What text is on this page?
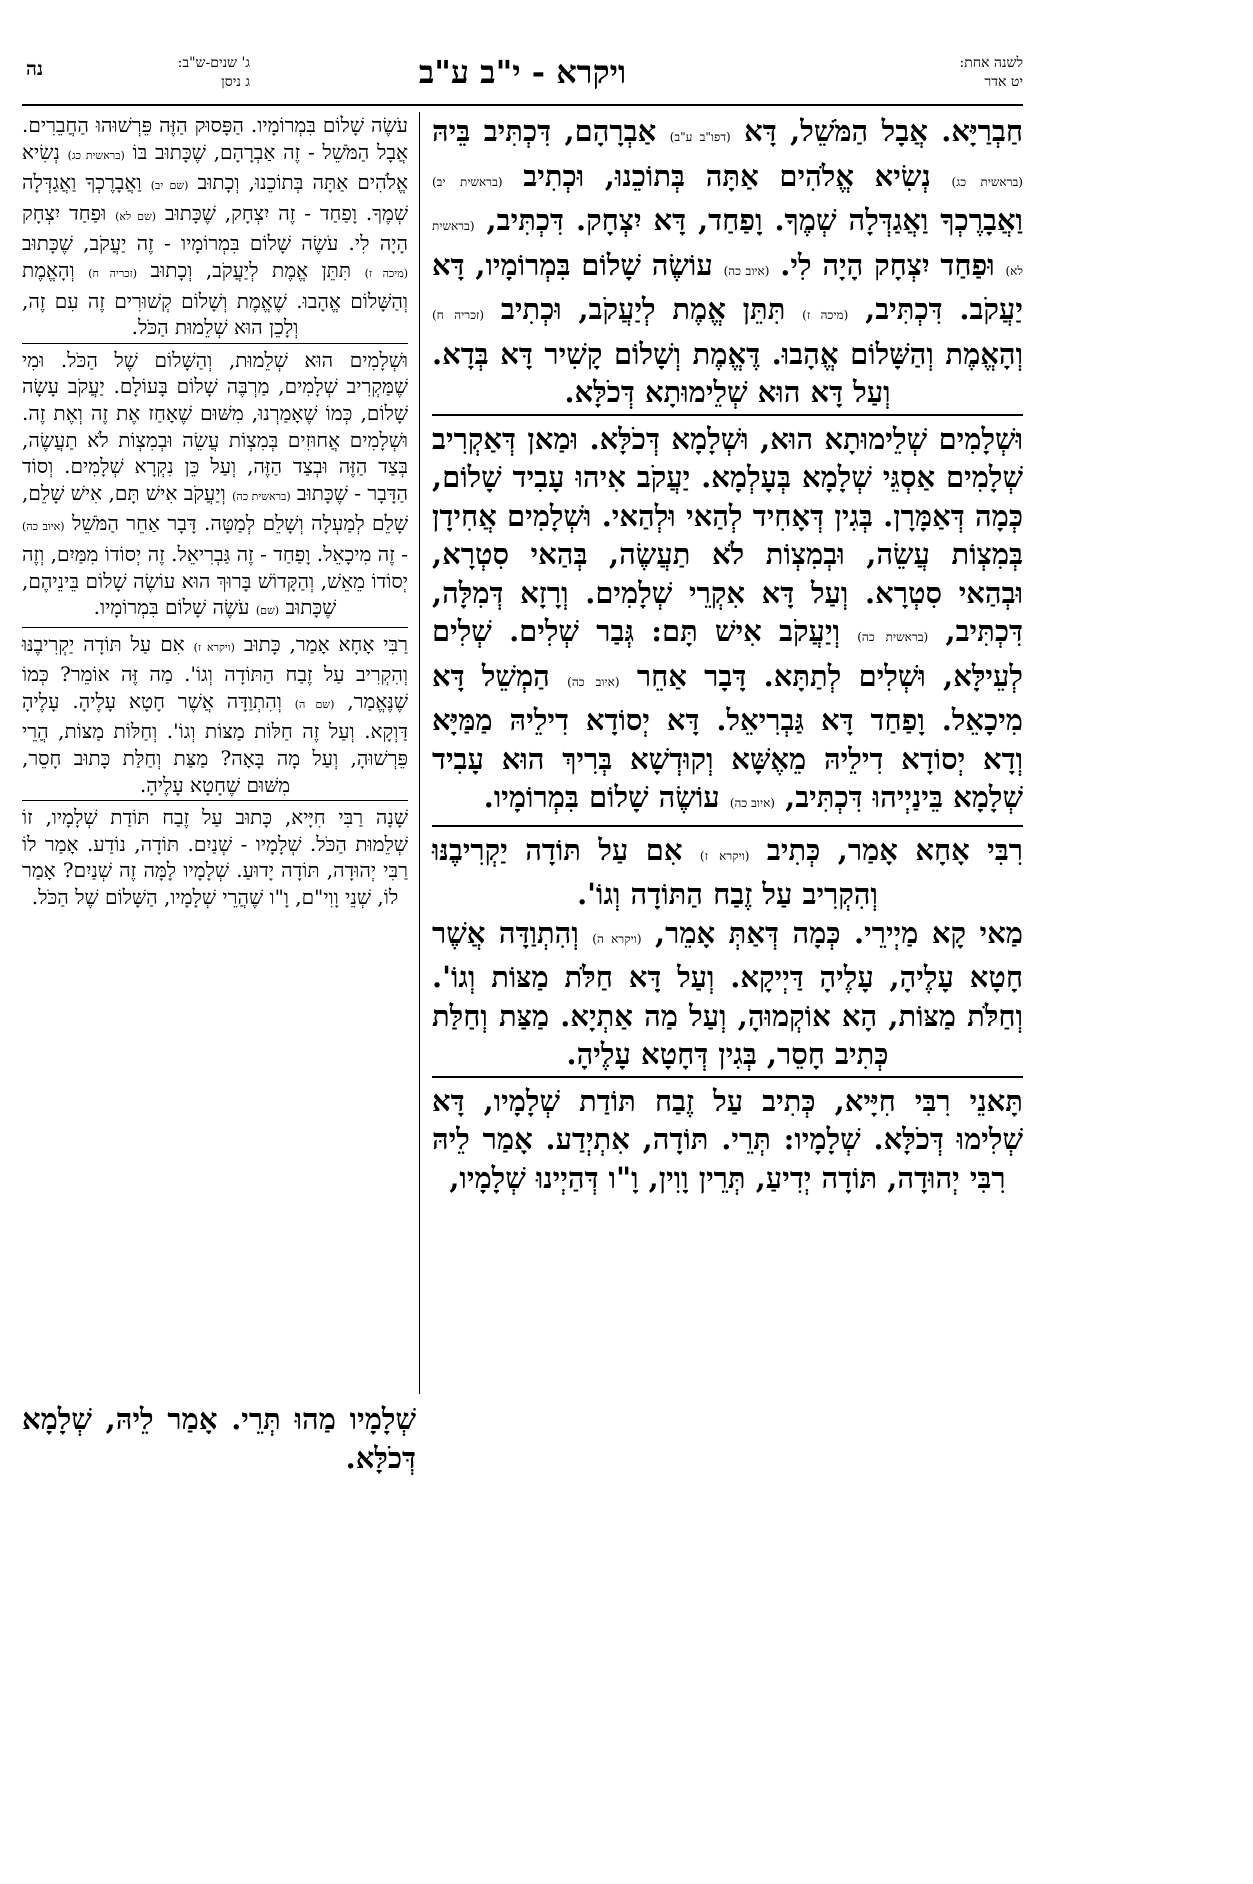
ויקרא - י"ב ע"ב	לשנה אחת:
יט אדר
ג' שנים-ש"ב:
ג ניסן
נה

חַבְרַיָּא. אֲבָל הַמֹּשֵׁל, דָּא (דפו"ב ע"ב) אַבְרָהָם, דִּכְתִּיב בֵּיהּ (בראשית כג) נְשִׂיא אֱלֹהִים אַתָּה בְּתוֹכֵנוּ, וּכְתִיב (בראשית יב) וַאֲבָרֶכְךָ וַאֲגַדְּלָה שְׁמֶךָ. וָפַחַד, דָּא יִצְחָק. דִּכְתִּיב, (בראשית לא) וּפַחַד יִצְחָק הָיָה לִי. (איוב כה) עוֹשֶׂה שָׁלוֹם בִּמְרוֹמָיו, דָּא יַעֲקֹב. דִּכְתִּיב, (מיכה ז) תִּתֵּן אֱמֶת לְיַעֲקֹב, וּכְתִיב (זכריה ח) וְהָאֱמֶת וְהַשָּׁלוֹם אֱהָבוּ. דֶּאֱמֶת וְשָׁלוֹם קָשִׁיר דָּא בְּדָא. וְעַל דָּא הוּא שְׁלֵימוּתָא דְּכֹלָּא.

וּשְׁלָמִים שְׁלֵימוּתָא הוּא, וּשְׁלָמָא דְּכֹלָּא. וּמַאן דְּאַקְרִיב שְׁלָמִים אַסְגֵּי שְׁלָמָא בְּעָלְמָא. יַעֲקֹב אִיהוּ עָבִיד שָׁלוֹם, כְּמָה דְּאַמָּרָן. בְּגִין דְּאָחִיד לְהַאי וּלְהַאי. וּשְׁלָמִים אֲחִידָן בְּמִצְוֹת עֲשֵׂה, וּבְמִצְוֹת לֹא תַעֲשֶׂה, בְּהַאי סִטְרָא, וּבְהַאי סִטְרָא. וְעַל דָּא אִקְרֵי שְׁלָמִים. וְרָזָא דְּמִלָּה, דִּכְתִּיב, (בראשית כה) וְיַעֲקֹב אִישׁ תָּם: גְּבַר שְׁלִים. שְׁלִים לְעֵילָּא, וּשְׁלִים לְתַתָּא. דָּבָר אַחֵר (איוב כה) הַמְשֵׁל דָּא מִיכָאֵל. וָפַחַד דָּא גַּבְרִיאֵל. דָּא יְסוֹדָא דִילֵיהּ מַמַּיָּא וְדָא יְסוֹדָא דִילֵיהּ מֵאֶשָּׁא וְקוּדְשָׁא בְּרִיךְ הוּא עָבִיד שְׁלָמָא בֵּינַיְיהוּ דִּכְתִּיב, (איוב כה) עוֹשֶׂה שָׁלוֹם בִּמְרוֹמָיו.

רִבִּי אָחָא אָמַר, כְּתִיב (ויקרא ז) אִם עַל תּוֹדָה יַקְרִיבֶנּוּ וְהִקְרִיב עַל זֶבַח הַתּוֹדָה וְגוֹ'.

מַאי קָא מַיְירֵי. כְּמָה דְּאַתְּ אָמֵר, (ויקרא ה) וְהִתְוַדָּה אֲשֶׁר חָטָא עָלֶיהָ, עָלֶיהָ דַּיְיקָא. וְעַל דָּא חַלֹּת מַצּוֹת וְגוֹ'. וְחַלֹּת מַצּוֹת, הָא אוֹקְמוּהָ, וְעַל מַה אַתְיָא. מַצַּת וְחַלַּת כְּתִיב חָסֵר, בְּגִין דְּחָטָא עָלֶיהָ.

תָּאנֵי רִבִּי חִיָּיא, כְּתִיב עַל זֶבַח תּוֹדַת שְׁלָמָיו, דָּא שְׁלִימוּ דְּכֹלָּא. שְׁלָמָיו: תְּרֵי. תּוֹדָה, אִתְיְדַע. אָמַר לֵיהּ רִבִּי יְהוּדָה, תּוֹדָה יְדִיעַ, תְּרֵין וָוִין, וָ"ו דְּהַיְינוּ שְׁלָמָיו,

עֹשֶׂה שָׁלוֹם בִּמְרוֹמָיו. הַפָּסוּק הַזֶּה פֵּרְשׁוּהוּ הַחֲבֵרִים. אֲבָל הַמֹּשֵׁל - זֶה אַבְרָהָם, שֶׁכָּתוּב בּוֹ (בראשית כג) נְשִׂיא אֱלֹהִים אַתָּה בְּתוֹכֵנוּ, וְכָתוּב (שם יב) וַאֲבָרֶכְךָ וַאֲגַדְּלָה שְׁמֶךָ. וָפַחַד - זֶה יִצְחָק, שֶׁכָּתוּב (שם לא) וּפַחַד יִצְחָק הָיָה לִי. עֹשֶׂה שָׁלוֹם בִּמְרוֹמָיו - זֶה יַעֲקֹב, שֶׁכָּתוּב (מיכה ז) תִּתֵּן אֱמֶת לְיַעֲקֹב, וְכָתוּב (זכריה ח) וְהָאֱמֶת וְהַשָּׁלוֹם אֱהָבוּ. שֶׁאֱמֶת וְשָׁלוֹם קְשׁוּרִים זֶה עִם זֶה, וְלָכֵן הוּא שְׁלֵמוּת הַכֹּל.

וּשְׁלָמִים הוּא שְׁלֵמוּת, וְהַשָּׁלוֹם שֶׁל הַכֹּל. וּמִי שֶׁמַּקְרִיב שְׁלָמִים, מַרְבֶּה שָׁלוֹם בָּעוֹלָם. יַעֲקֹב עָשָׂה שָׁלוֹם, כְּמוֹ שֶׁאָמַרְנוּ, מִשּׁוּם שֶׁאָחַז אֶת זֶה וְאֶת זֶה. וּשְׁלָמִים אֲחוּזִים בְּמִצְוֹת עֲשֵׂה וּבְמִצְוֹת לֹא תַעֲשֶׂה, בְּצַד הַזֶּה וּבְצַד הַזֶּה, וְעַל כֵּן נִקְרָא שְׁלָמִים. וְסוֹד הַדָּבָר - שֶׁכָּתוּב (בראשית כה) וְיַעֲקֹב אִישׁ תָּם, אִישׁ שָׁלֵם, שָׁלֵם לְמַעְלָה וְשָׁלֵם לְמַטָּה. דָּבָר אַחֵר הַמֹּשֵׁל (איוב כה) - זֶה מִיכָאֵל. וָפַחַד - זֶה גַּבְרִיאֵל. זֶה יְסוֹדוֹ מִמַּיִם, וְזֶה יְסוֹדוֹ מֵאֵשׁ, וְהַקָּדוֹשׁ בָּרוּךְ הוּא עוֹשֶׂה שָׁלוֹם בֵּינֵיהֶם, שֶׁכָּתוּב (שם) עֹשֶׂה שָׁלוֹם בִּמְרוֹמָיו.

רַבִּי אָחָא אָמַר, כָּתוּב (ויקרא ז) אִם עַל תּוֹדָה יַקְרִיבֶנּוּ וְהִקְרִיב עַל זֶבַח הַתּוֹדָה וְגוֹ'. מַה זֶּה אוֹמֵר? כְּמוֹ שֶׁנֶּאֱמַר, (שם ה) וְהִתְוַדָּה אֲשֶׁר חָטָא עָלֶיהָ. עָלֶיהָ דַּוְקָא. וְעַל זֶה חַלּוֹת מַצּוֹת וְגוֹ'. וְחַלּוֹת מַצּוֹת, הֲרֵי פֵּרְשׁוּהָ, וְעַל מָה בָּאָה? מַצַּת וְחַלַּת כָּתוּב חָסֵר, מִשּׁוּם שֶׁחָטָא עָלֶיהָ.

שָׁנָה רַבִּי חִיָּיא, כָּתוּב עַל זֶבַח תּוֹדַת שְׁלָמָיו, זוֹ שְׁלֵמוּת הַכֹּל. שְׁלָמָיו - שְׁנַיִם. תּוֹדָה, נוֹדַע. אָמַר לוֹ רַבִּי יְהוּדָה, תּוֹדָה יָדוּעַ. שְׁלָמָיו לָמָּה זֶה שְׁנַיִם? אָמַר לוֹ, שְׁנֵי וָוִי"ם, וָ"ו שֶׁהֲרֵי שְׁלָמָיו, הַשָּׁלוֹם שֶׁל הַכֹּל.

שְׁלָמָיו מַהוּ תְּרֵי. אָמַר לֵיהּ, שְׁלָמָא דְּכֹלָּא.
